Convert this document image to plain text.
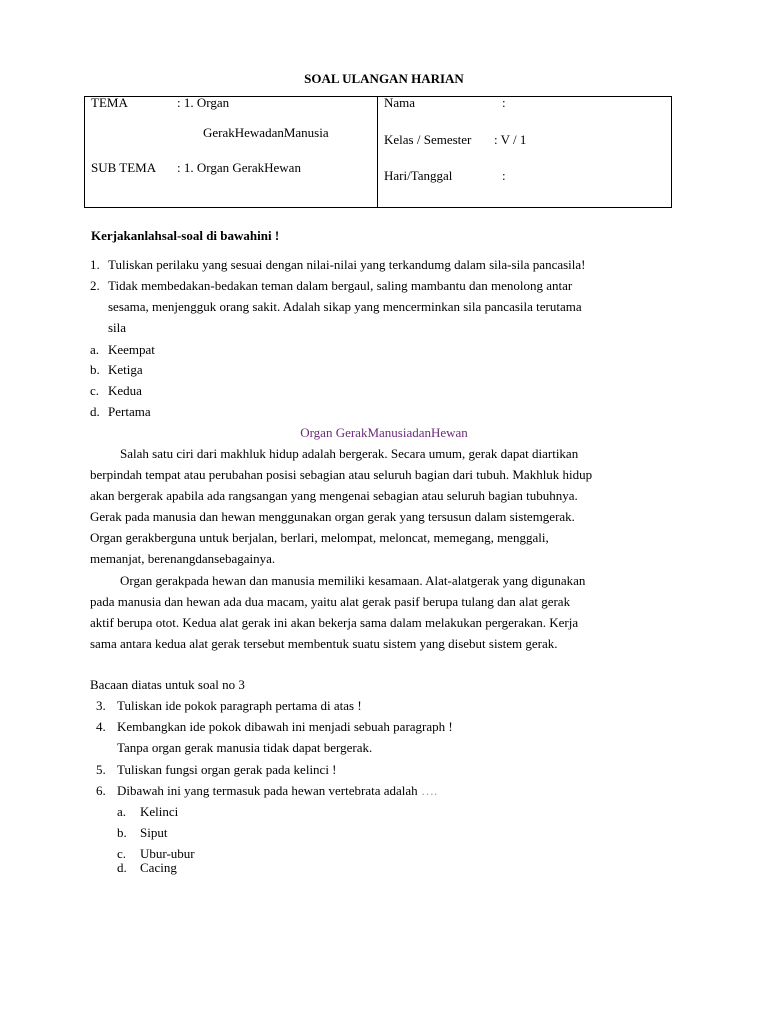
SOAL ULANGAN HARIAN
TEMA	: 1. Organ
GerakHewadanManusia
SUB TEMA : 1. Organ GerakHewan
Nama	:
Kelas / Semester : V / 1
Hari/Tanggal	:
Kerjakanlahsal-soal di bawahini !
1. Tuliskan perilaku yang sesuai dengan nilai-nilai yang terkandumg dalam sila-sila pancasila!
2. Tidak membedakan-bedakan teman dalam bergaul, saling mambantu dan menolong antar
sesama, menjengguk orang sakit. Adalah sikap yang mencerminkan sila pancasila terutama
sila
a. Keempat
b. Ketiga
c. Kedua
d. Pertama
Organ GerakManusiadanHewan
Salah satu ciri dari makhluk hidup adalah bergerak. Secara umum, gerak dapat diartikan
berpindah tempat atau perubahan posisi sebagian atau seluruh bagian dari tubuh. Makhluk hidup
akan bergerak apabila ada rangsangan yang mengenai sebagian atau seluruh bagian tubuhnya.
Gerak pada manusia dan hewan menggunakan organ gerak yang tersusun dalam sistemgerak.
Organ gerakberguna untuk berjalan, berlari, melompat, meloncat, memegang, menggali,
memanjat, berenangdansebagainya.
Organ gerakpada hewan dan manusia memiliki kesamaan. Alat-alatgerak yang digunakan
pada manusia dan hewan ada dua macam, yaitu alat gerak pasif berupa tulang dan alat gerak
aktif berupa otot. Kedua alat gerak ini akan bekerja sama dalam melakukan pergerakan. Kerja
sama antara kedua alat gerak tersebut membentuk suatu sistem yang disebut sistem gerak.
Bacaan diatas untuk soal no 3
3. Tuliskan ide pokok paragraph pertama di atas !
4. Kembangkan ide pokok dibawah ini menjadi sebuah paragraph !
Tanpa organ gerak manusia tidak dapat bergerak.
5. Tuliskan fungsi organ gerak pada kelinci !
6. Dibawah ini yang termasuk pada hewan vertebrata adalah ….
a. Kelinci
b. Siput
c. Ubur-ubur
d. Cacing
